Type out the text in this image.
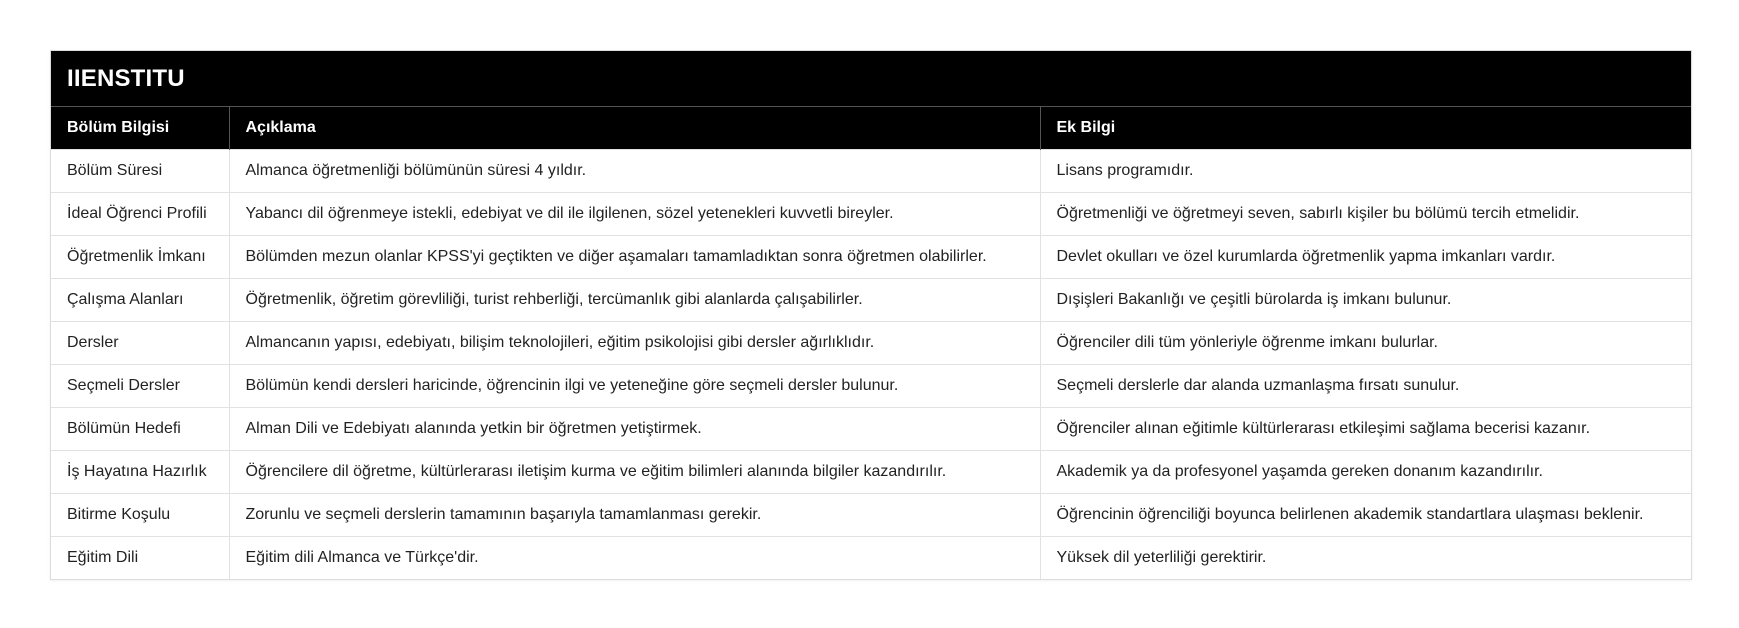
IIENSTITU
Bölüm Bilgisi	Açıklama	Ek Bilgi
Bölüm Süresi	Almanca öğretmenliği bölümünün süresi 4 yıldır.	Lisans programıdır.
İdeal Öğrenci Profili	Yabancı dil öğrenmeye istekli, edebiyat ve dil ile ilgilenen, sözel yetenekleri kuvvetli bireyler.	Öğretmenliği ve öğretmeyi seven, sabırlı kişiler bu bölümü tercih etmelidir.
Öğretmenlik İmkanı	Bölümden mezun olanlar KPSS'yi geçtikten ve diğer aşamaları tamamladıktan sonra öğretmen olabilirler.	Devlet okulları ve özel kurumlarda öğretmenlik yapma imkanları vardır.
Çalışma Alanları	Öğretmenlik, öğretim görevliliği, turist rehberliği, tercümanlık gibi alanlarda çalışabilirler.	Dışişleri Bakanlığı ve çeşitli bürolarda iş imkanı bulunur.
Dersler	Almancanın yapısı, edebiyatı, bilişim teknolojileri, eğitim psikolojisi gibi dersler ağırlıklıdır.	Öğrenciler dili tüm yönleriyle öğrenme imkanı bulurlar.
Seçmeli Dersler	Bölümün kendi dersleri haricinde, öğrencinin ilgi ve yeteneğine göre seçmeli dersler bulunur.	Seçmeli derslerle dar alanda uzmanlaşma fırsatı sunulur.
Bölümün Hedefi	Alman Dili ve Edebiyatı alanında yetkin bir öğretmen yetiştirmek.	Öğrenciler alınan eğitimle kültürlerarası etkileşimi sağlama becerisi kazanır.
İş Hayatına Hazırlık	Öğrencilere dil öğretme, kültürlerarası iletişim kurma ve eğitim bilimleri alanında bilgiler kazandırılır.	Akademik ya da profesyonel yaşamda gereken donanım kazandırılır.
Bitirme Koşulu	Zorunlu ve seçmeli derslerin tamamının başarıyla tamamlanması gerekir.	Öğrencinin öğrenciliği boyunca belirlenen akademik standartlara ulaşması beklenir.
Eğitim Dili	Eğitim dili Almanca ve Türkçe'dir.	Yüksek dil yeterliliği gerektirir.
